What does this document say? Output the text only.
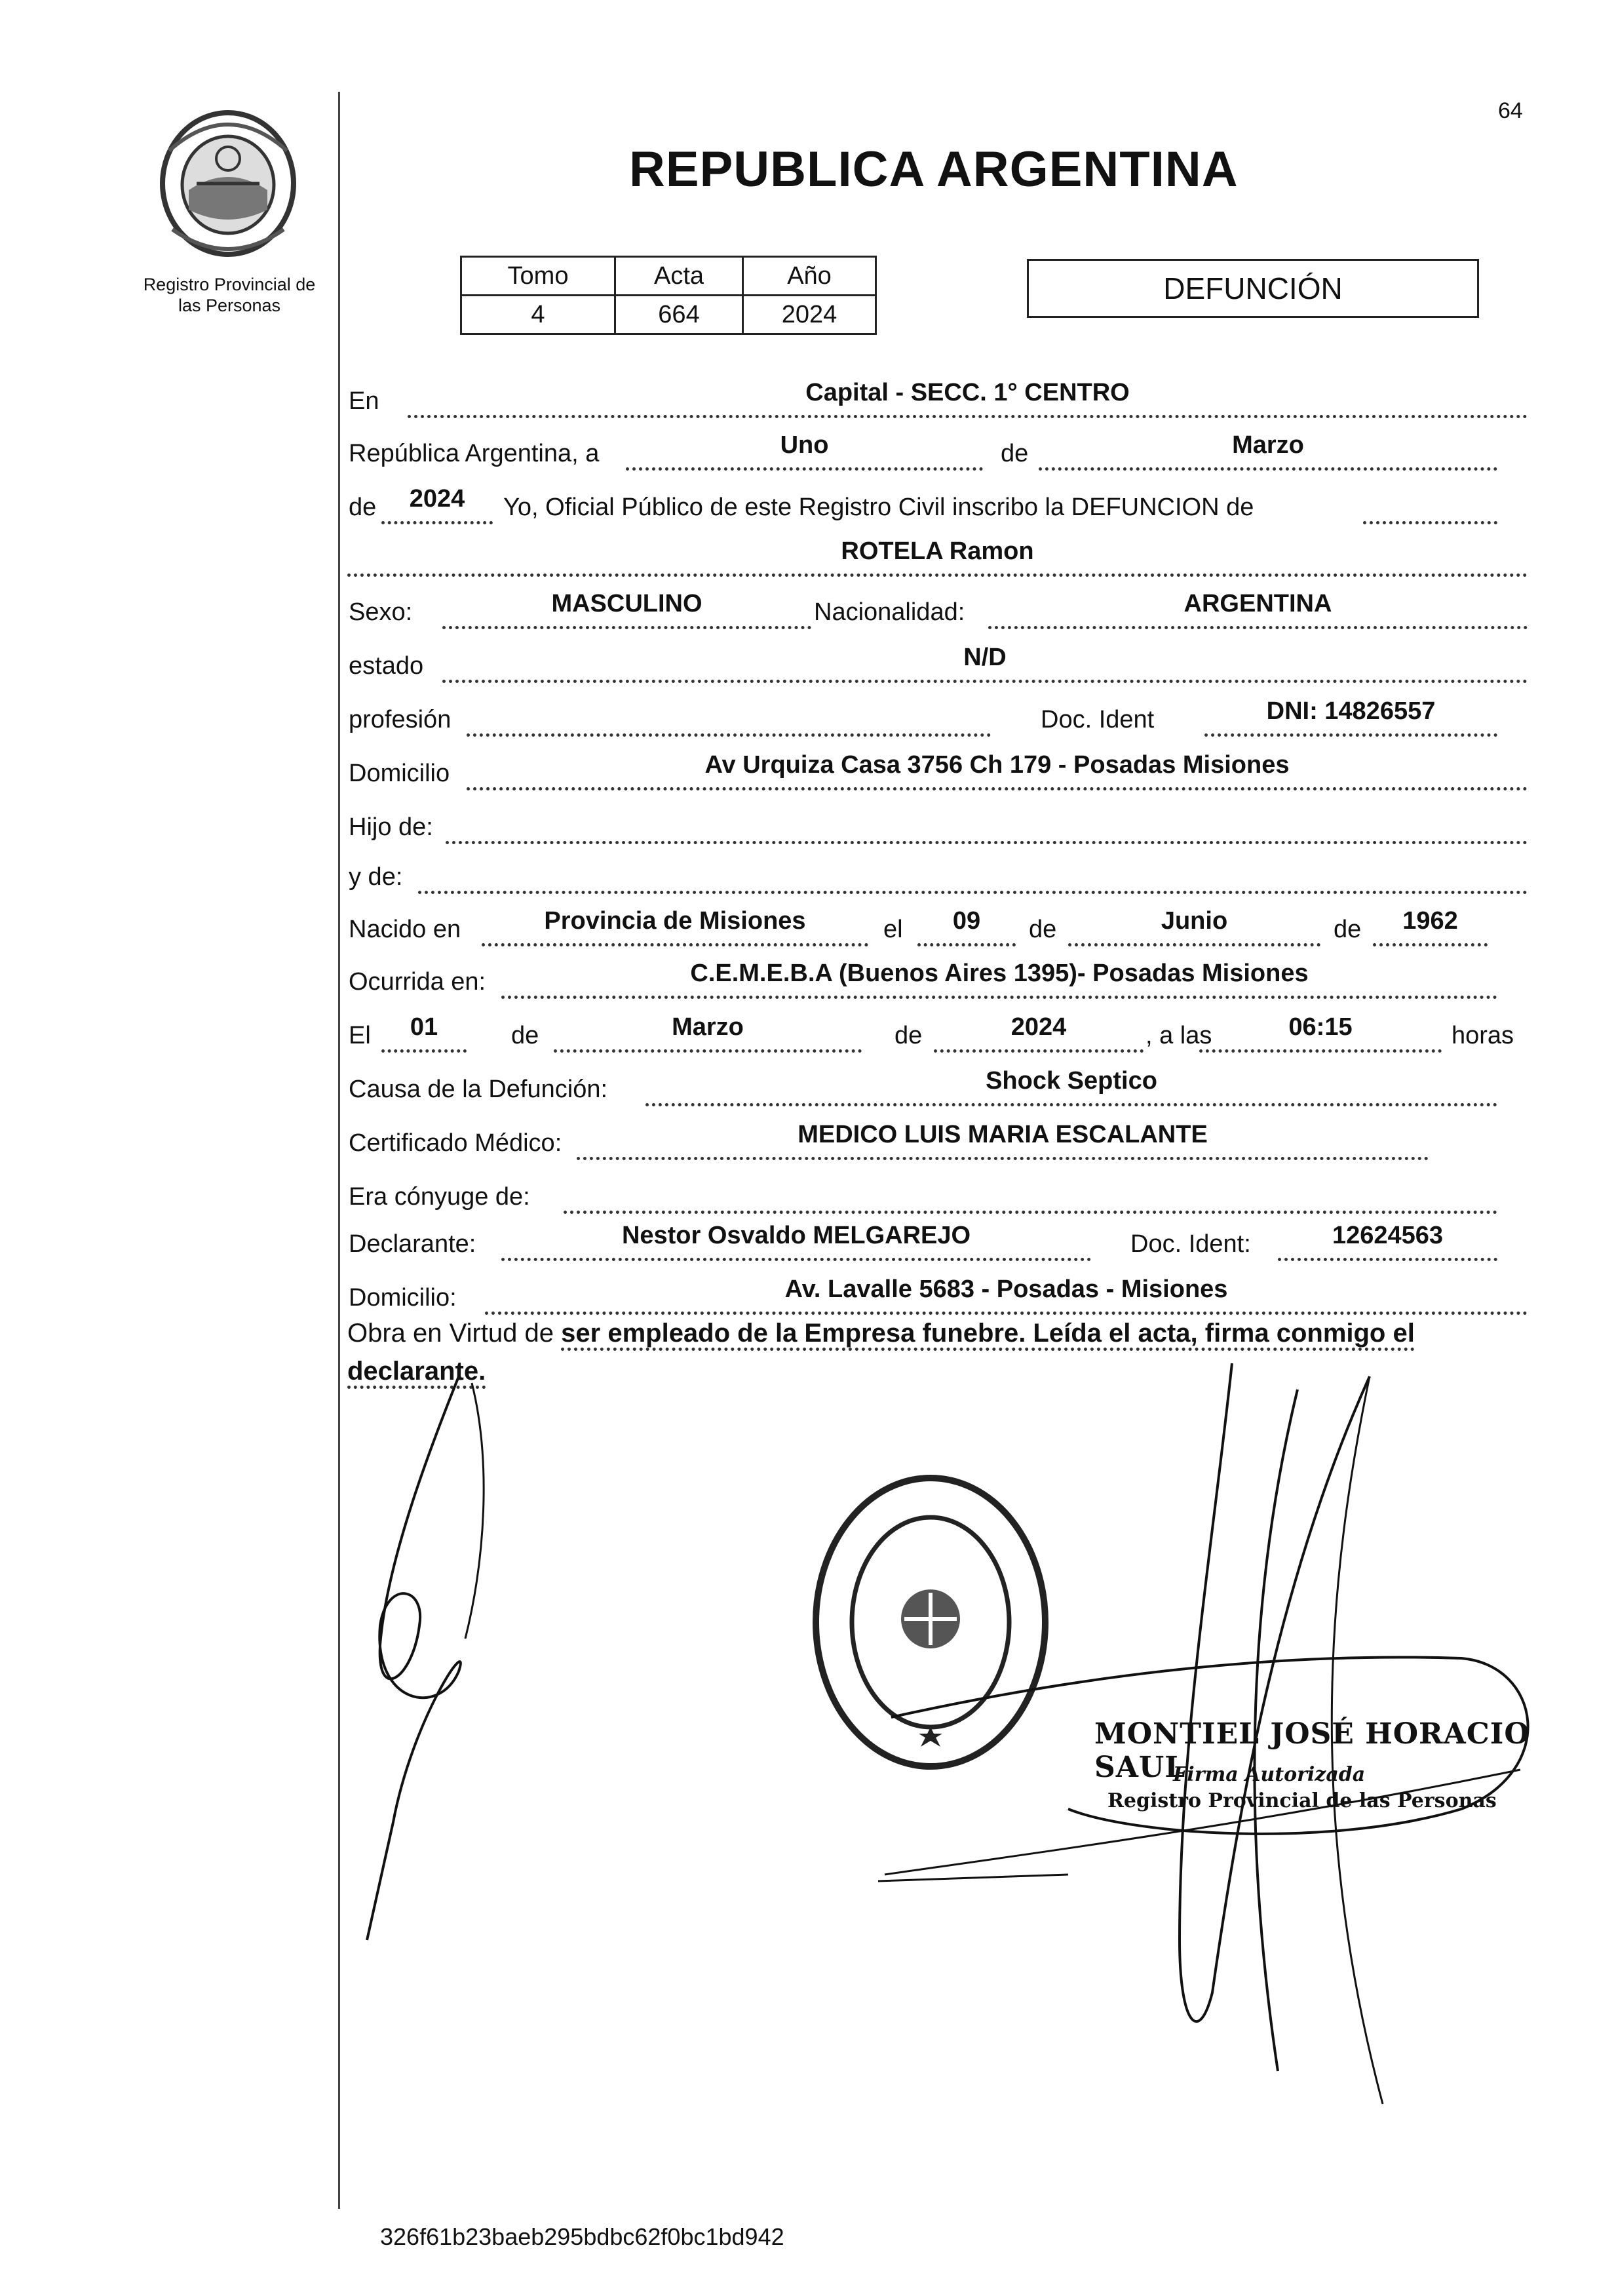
Registro Provincial de
las Personas
64
REPUBLICA ARGENTINA
Tomo	Acta	Año
4	664	2024
DEFUNCIÓN
En	Capital - SECC. 1° CENTRO
República Argentina, a	Uno	de	Marzo
de	2024	Yo, Oficial Público de este Registro Civil inscribo la DEFUNCION de
ROTELA Ramon
Sexo:	MASCULINO	Nacionalidad:	ARGENTINA
estado	N/D
profesión	Doc. Ident	DNI: 14826557
Domicilio	Av Urquiza Casa 3756 Ch 179 - Posadas Misiones
Hijo de:
y de:
Nacido en	Provincia de Misiones	el	09	de	Junio	de	1962
Ocurrida en:	C.E.M.E.B.A (Buenos Aires 1395)- Posadas Misiones
El	01	de	Marzo	de	2024	, a las	06:15	horas
Causa de la Defunción:	Shock Septico
Certificado Médico:	MEDICO LUIS MARIA ESCALANTE
Era cónyuge de:
Declarante:	Nestor Osvaldo MELGAREJO	Doc. Ident:	12624563
Domicilio:	Av. Lavalle 5683 - Posadas - Misiones
Obra en Virtud de ser empleado de la Empresa funebre. Leída el acta, firma conmigo el declarante.
MONTIEL JOSÉ HORACIO SAUL
Firma Autorizada
Registro Provincial de las Personas
326f61b23baeb295bdbc62f0bc1bd942
